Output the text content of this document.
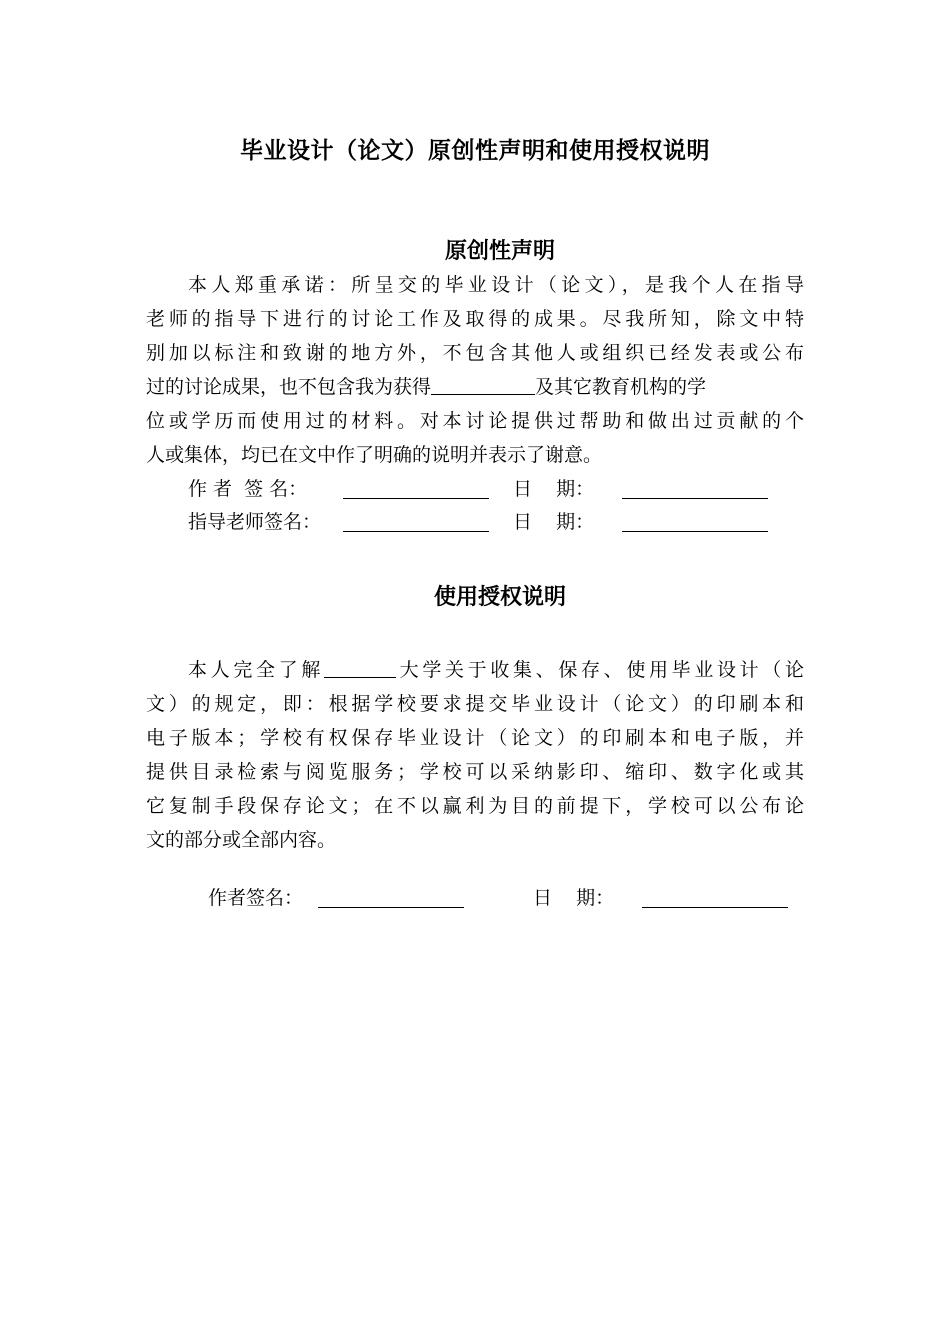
毕业设计（论文）原创性声明和使用授权说明
原创性声明
本人郑重承诺：所呈交的毕业设计（论文），是我个人在指导
老师的指导下进行的讨论工作及取得的成果。尽我所知，除文中特
别加以标注和致谢的地方外，不包含其他人或组织已经发表或公布
过的讨论成果，也不包含我为获得	及其它教育机构的学
位或学历而使用过的材料。对本讨论提供过帮助和做出过贡献的个
人或集体，均已在文中作了明确的说明并表示了谢意。
作 者  签 名：	日    期：
指导老师签名：	日    期：
使用授权说明
本人完全了解	大学关于收集、保存、使用毕业设计（论
文）的规定，即：根据学校要求提交毕业设计（论文）的印刷本和
电子版本；学校有权保存毕业设计（论文）的印刷本和电子版，并
提供目录检索与阅览服务；学校可以采纳影印、缩印、数字化或其
它复制手段保存论文；在不以赢利为目的前提下，学校可以公布论
文的部分或全部内容。
作者签名：	日    期：
